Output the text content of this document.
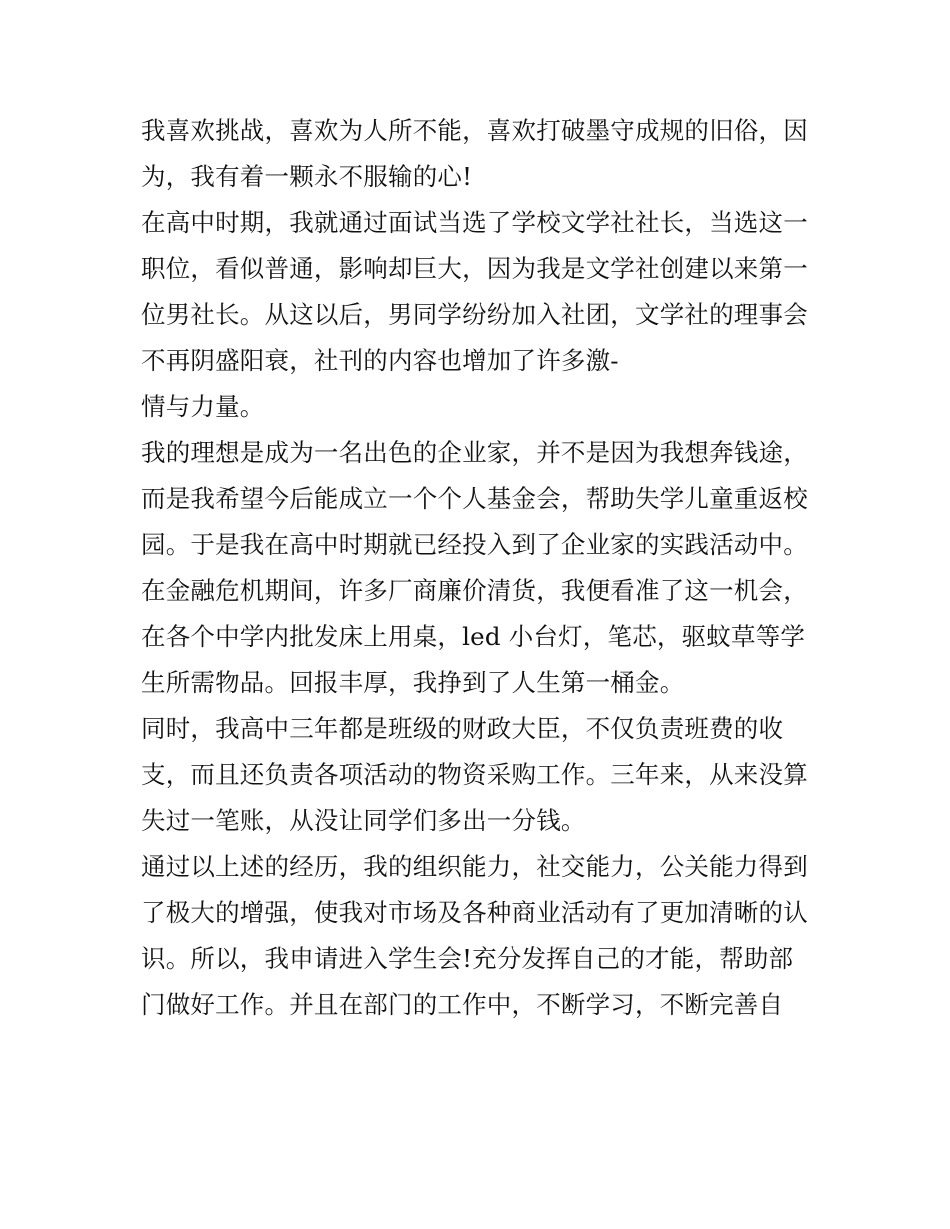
我喜欢挑战，喜欢为人所不能，喜欢打破墨守成规的旧俗，因
为，我有着一颗永不服输的心!
在高中时期，我就通过面试当选了学校文学社社长，当选这一
职位，看似普通，影响却巨大，因为我是文学社创建以来第一
位男社长。从这以后，男同学纷纷加入社团，文学社的理事会
不再阴盛阳衰，社刊的内容也增加了许多激-
情与力量。
我的理想是成为一名出色的企业家，并不是因为我想奔钱途，
而是我希望今后能成立一个个人基金会，帮助失学儿童重返校
园。于是我在高中时期就已经投入到了企业家的实践活动中。
在金融危机期间，许多厂商廉价清货，我便看准了这一机会，
在各个中学内批发床上用桌，led 小台灯，笔芯，驱蚊草等学
生所需物品。回报丰厚，我挣到了人生第一桶金。
同时，我高中三年都是班级的财政大臣，不仅负责班费的收
支，而且还负责各项活动的物资采购工作。三年来，从来没算
失过一笔账，从没让同学们多出一分钱。
通过以上述的经历，我的组织能力，社交能力，公关能力得到
了极大的增强，使我对市场及各种商业活动有了更加清晰的认
识。所以，我申请进入学生会!充分发挥自己的才能，帮助部
门做好工作。并且在部门的工作中，不断学习，不断完善自
